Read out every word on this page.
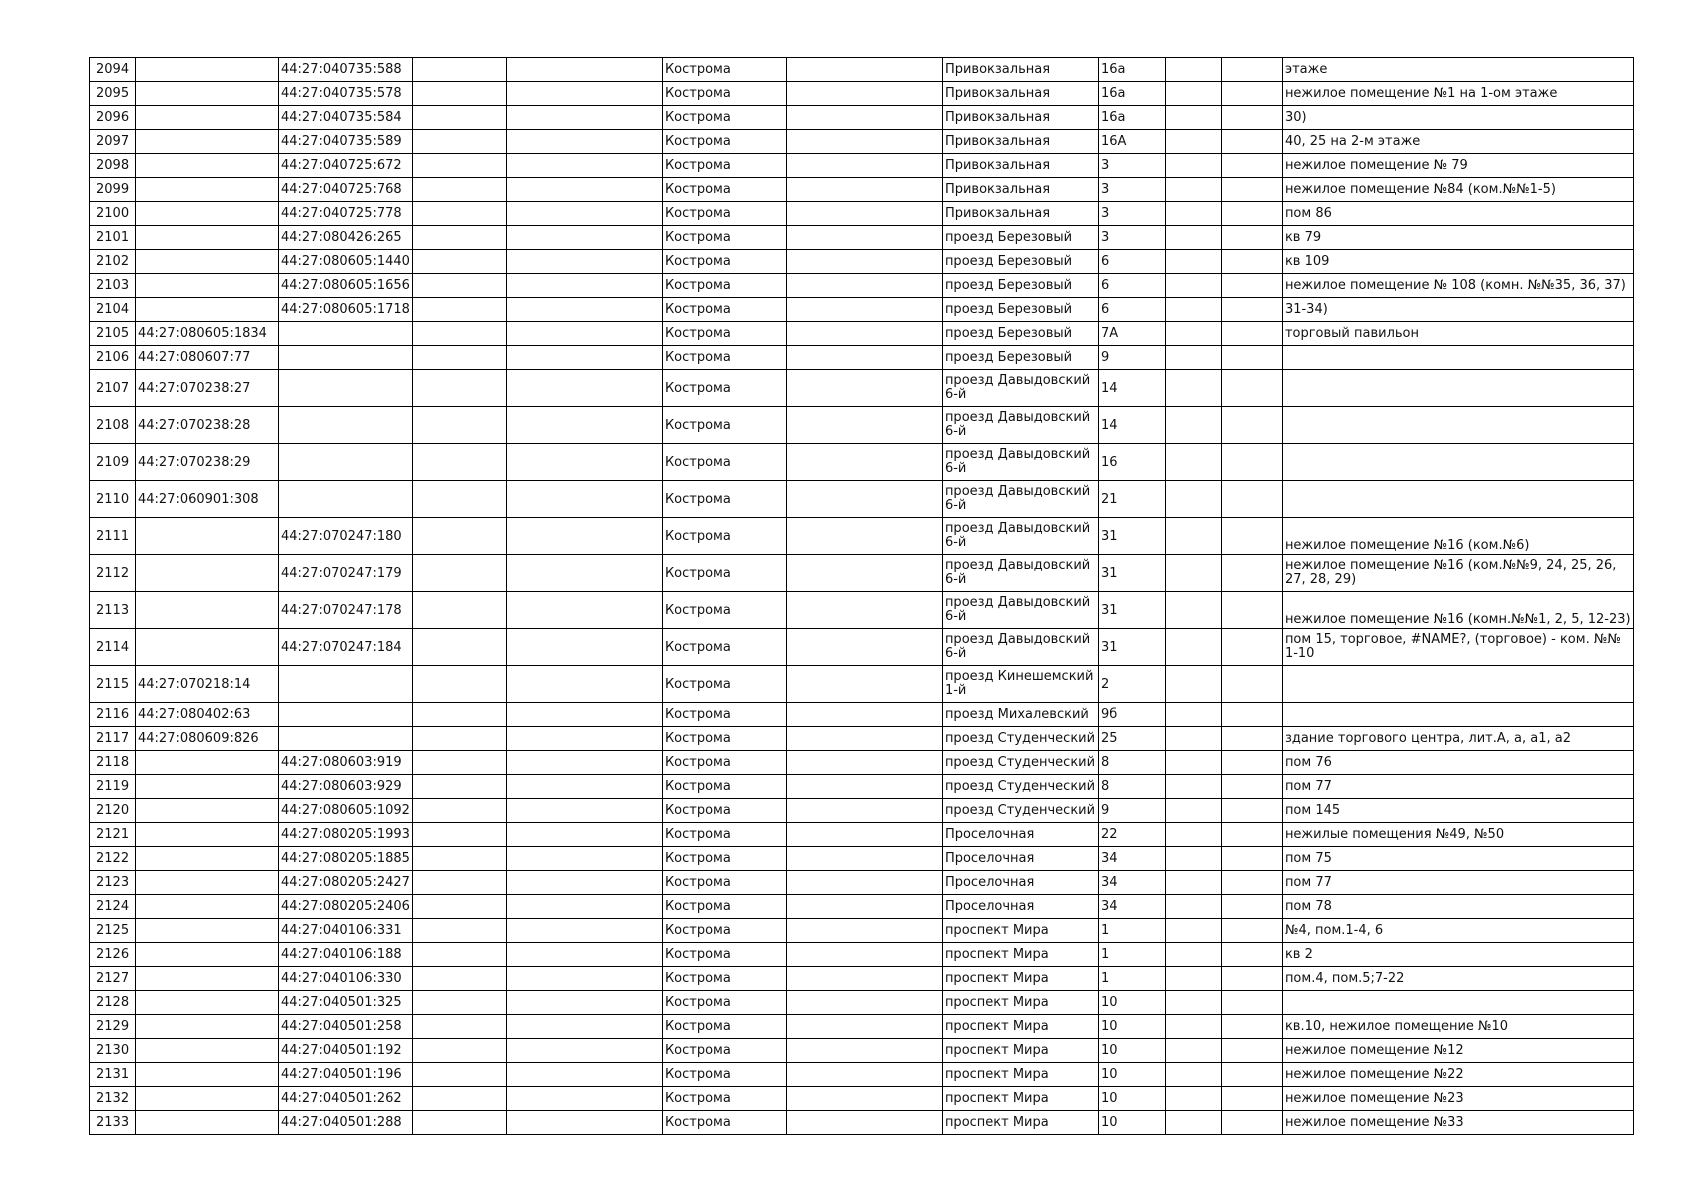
2094		44:27:040735:588			Кострома		Привокзальная	16а			этаже
2095		44:27:040735:578			Кострома		Привокзальная	16а			нежилое помещение №1 на 1-ом этаже
2096		44:27:040735:584			Кострома		Привокзальная	16а			30)
2097		44:27:040735:589			Кострома		Привокзальная	16А			40, 25 на 2-м этаже
2098		44:27:040725:672			Кострома		Привокзальная	3			нежилое помещение № 79
2099		44:27:040725:768			Кострома		Привокзальная	3			нежилое помещение №84 (ком.№№1-5)
2100		44:27:040725:778			Кострома		Привокзальная	3			пом 86
2101		44:27:080426:265			Кострома		проезд Березовый	3			кв 79
2102		44:27:080605:1440			Кострома		проезд Березовый	6			кв 109
2103		44:27:080605:1656			Кострома		проезд Березовый	6			нежилое помещение № 108 (комн. №№35, 36, 37)
2104		44:27:080605:1718			Кострома		проезд Березовый	6			31-34)
2105	44:27:080605:1834				Кострома		проезд Березовый	7А			торговый павильон
2106	44:27:080607:77				Кострома		проезд Березовый	9			
2107	44:27:070238:27				Кострома		проезд Давыдовский 6-й	14			
2108	44:27:070238:28				Кострома		проезд Давыдовский 6-й	14			
2109	44:27:070238:29				Кострома		проезд Давыдовский 6-й	16			
2110	44:27:060901:308				Кострома		проезд Давыдовский 6-й	21			
2111		44:27:070247:180			Кострома		проезд Давыдовский 6-й	31			нежилое помещение №16 (ком.№6)
2112		44:27:070247:179			Кострома		проезд Давыдовский 6-й	31			нежилое помещение №16 (ком.№№9, 24, 25, 26, 27, 28, 29)
2113		44:27:070247:178			Кострома		проезд Давыдовский 6-й	31			нежилое помещение №16 (комн.№№1, 2, 5, 12-23)
2114		44:27:070247:184			Кострома		проезд Давыдовский 6-й	31			пом 15, торговое, #NAME?, (торговое) - ком. №№ 1-10
2115	44:27:070218:14				Кострома		проезд Кинешемский 1-й	2			
2116	44:27:080402:63				Кострома		проезд Михалевский	9б			
2117	44:27:080609:826				Кострома		проезд Студенческий	25			здание торгового центра, лит.А, а, а1, а2
2118		44:27:080603:919			Кострома		проезд Студенческий	8			пом 76
2119		44:27:080603:929			Кострома		проезд Студенческий	8			пом 77
2120		44:27:080605:1092			Кострома		проезд Студенческий	9			пом 145
2121		44:27:080205:1993			Кострома		Проселочная	22			нежилые помещения №49, №50
2122		44:27:080205:1885			Кострома		Проселочная	34			пом 75
2123		44:27:080205:2427			Кострома		Проселочная	34			пом 77
2124		44:27:080205:2406			Кострома		Проселочная	34			пом 78
2125		44:27:040106:331			Кострома		проспект Мира	1			№4, пом.1-4, 6
2126		44:27:040106:188			Кострома		проспект Мира	1			кв 2
2127		44:27:040106:330			Кострома		проспект Мира	1			пом.4, пом.5;7-22
2128		44:27:040501:325			Кострома		проспект Мира	10			
2129		44:27:040501:258			Кострома		проспект Мира	10			кв.10, нежилое помещение №10
2130		44:27:040501:192			Кострома		проспект Мира	10			нежилое помещение №12
2131		44:27:040501:196			Кострома		проспект Мира	10			нежилое помещение №22
2132		44:27:040501:262			Кострома		проспект Мира	10			нежилое помещение №23
2133		44:27:040501:288			Кострома		проспект Мира	10			нежилое помещение №33
